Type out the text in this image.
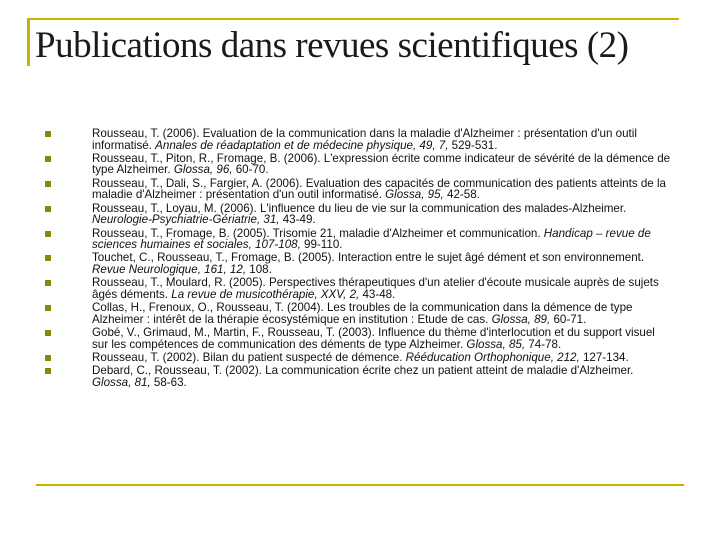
Publications dans revues scientifiques (2)
Rousseau, T. (2006). Evaluation de la communication dans la maladie d'Alzheimer : présentation d'un outil informatisé. Annales de réadaptation et de médecine physique, 49, 7, 529-531.
Rousseau, T., Piton, R., Fromage, B. (2006). L'expression écrite comme indicateur de sévérité de la démence de type Alzheimer. Glossa, 96, 60-70.
Rousseau, T., Dali, S., Fargier, A. (2006). Evaluation des capacités de communication des patients atteints de la maladie d'Alzheimer : présentation d'un outil informatisé. Glossa, 95, 42-58.
Rousseau, T., Loyau, M. (2006). L'influence du lieu de vie sur la communication des malades-Alzheimer. Neurologie-Psychiatrie-Gériatrie, 31, 43-49.
Rousseau, T., Fromage, B. (2005). Trisomie 21, maladie d'Alzheimer et communication. Handicap – revue de sciences humaines et sociales, 107-108, 99-110.
Touchet, C., Rousseau, T., Fromage, B. (2005). Interaction entre le sujet âgé dément et son environnement. Revue Neurologique, 161, 12, 108.
Rousseau, T., Moulard, R. (2005). Perspectives thérapeutiques d'un atelier d'écoute musicale auprès de sujets âgés déments. La revue de musicothérapie, XXV, 2, 43-48.
Collas, H., Frenoux, O., Rousseau, T. (2004). Les troubles de la communication dans la démence de type Alzheimer : intérêt de la thérapie écosystémique en institution : Etude de cas. Glossa, 89, 60-71.
Gobé, V., Grimaud, M., Martin, F., Rousseau, T. (2003). Influence du thème d'interlocution et du support visuel sur les compétences de communication des déments de type Alzheimer. Glossa, 85, 74-78.
Rousseau, T. (2002). Bilan du patient suspecté de démence. Rééducation Orthophonique, 212, 127-134.
Debard, C., Rousseau, T. (2002). La communication écrite chez un patient atteint de maladie d'Alzheimer. Glossa, 81, 58-63.
